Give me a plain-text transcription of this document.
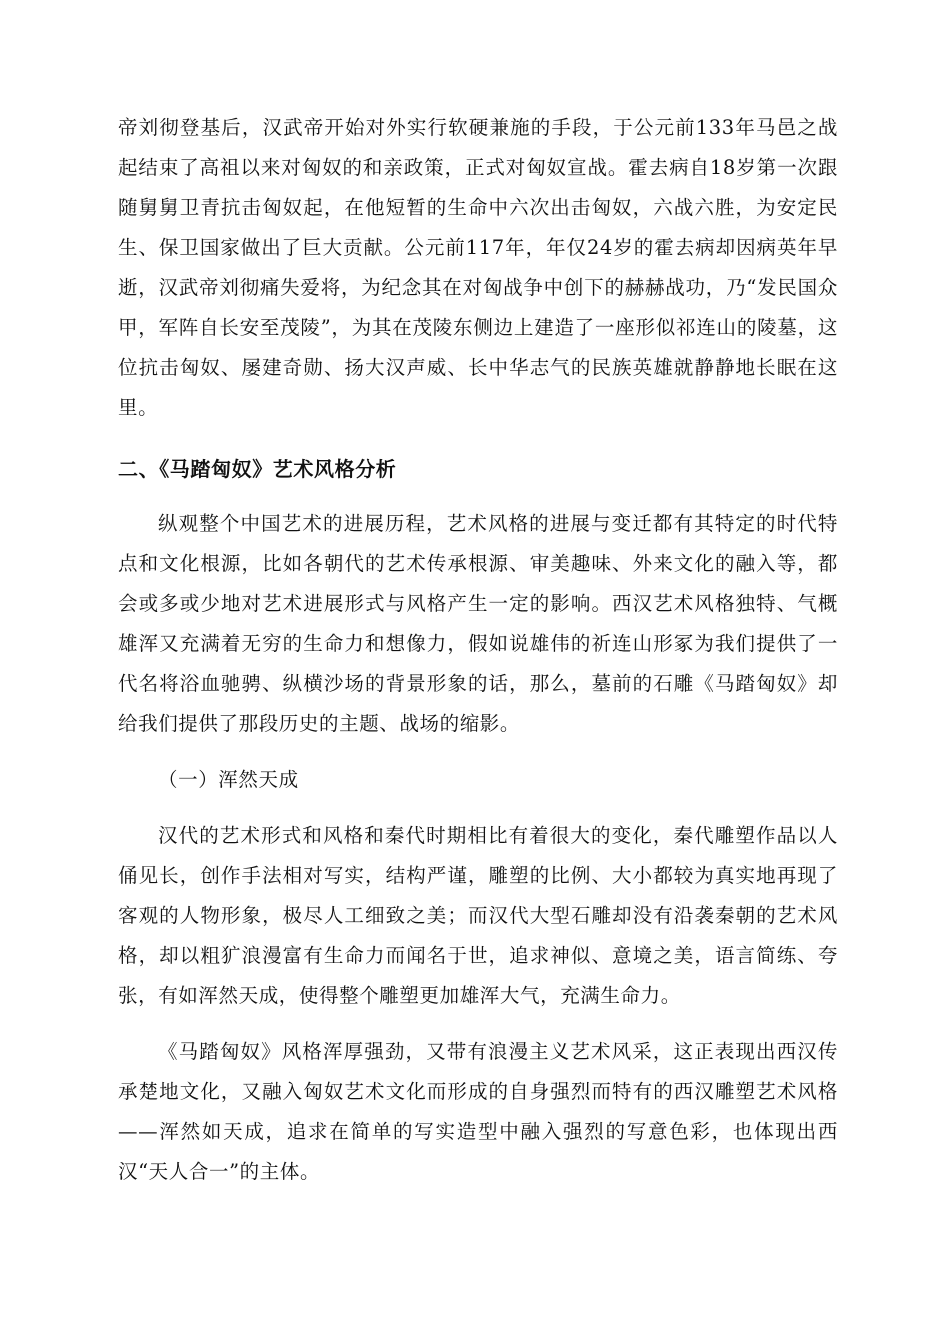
帝刘彻登基后，汉武帝开始对外实行软硬兼施的手段，于公元前133年马邑之战起结束了高祖以来对匈奴的和亲政策，正式对匈奴宣战。霍去病自18岁第一次跟随舅舅卫青抗击匈奴起，在他短暂的生命中六次出击匈奴，六战六胜，为安定民生、保卫国家做出了巨大贡献。公元前117年，年仅24岁的霍去病却因病英年早逝，汉武帝刘彻痛失爱将，为纪念其在对匈战争中创下的赫赫战功，乃“发民国众甲，军阵自长安至茂陵”，为其在茂陵东侧边上建造了一座形似祁连山的陵墓，这位抗击匈奴、屡建奇勋、扬大汉声威、长中华志气的民族英雄就静静地长眠在这里。

二、《马踏匈奴》艺术风格分析

纵观整个中国艺术的进展历程，艺术风格的进展与变迁都有其特定的时代特点和文化根源，比如各朝代的艺术传承根源、审美趣味、外来文化的融入等，都会或多或少地对艺术进展形式与风格产生一定的影响。西汉艺术风格独特、气概雄浑又充满着无穷的生命力和想像力，假如说雄伟的祈连山形冢为我们提供了一代名将浴血驰骋、纵横沙场的背景形象的话，那么，墓前的石雕《马踏匈奴》却给我们提供了那段历史的主题、战场的缩影。

（一）浑然天成

汉代的艺术形式和风格和秦代时期相比有着很大的变化，秦代雕塑作品以人俑见长，创作手法相对写实，结构严谨，雕塑的比例、大小都较为真实地再现了客观的人物形象，极尽人工细致之美；而汉代大型石雕却没有沿袭秦朝的艺术风格，却以粗犷浪漫富有生命力而闻名于世，追求神似、意境之美，语言简练、夸张，有如浑然天成，使得整个雕塑更加雄浑大气，充满生命力。

《马踏匈奴》风格浑厚强劲，又带有浪漫主义艺术风采，这正表现出西汉传承楚地文化，又融入匈奴艺术文化而形成的自身强烈而特有的西汉雕塑艺术风格——浑然如天成，追求在简单的写实造型中融入强烈的写意色彩，也体现出西汉“天人合一”的主体。
